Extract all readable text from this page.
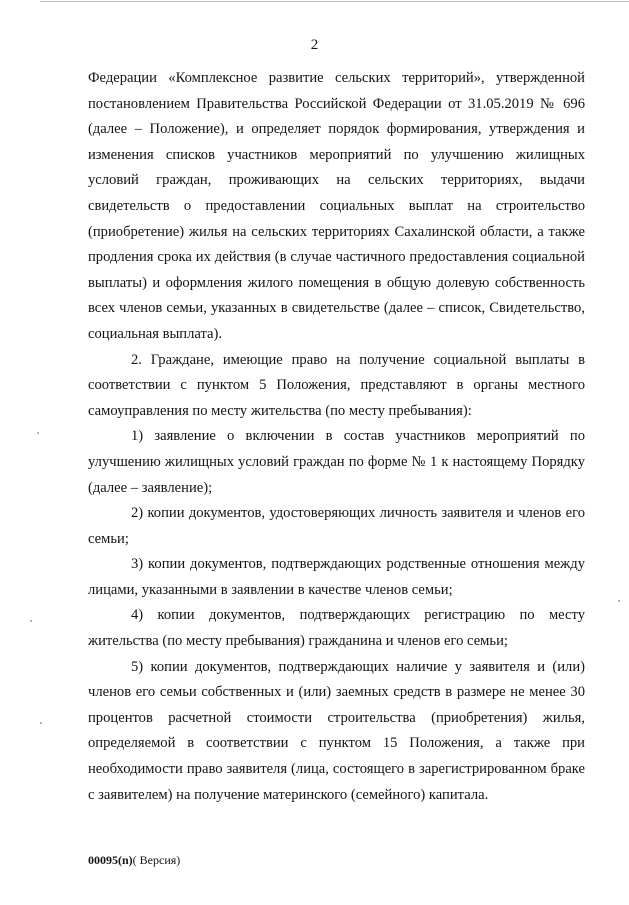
2

Федерации «Комплексное развитие сельских территорий», утвержденной постановлением Правительства Российской Федерации от 31.05.2019 № 696 (далее – Положение), и определяет порядок формирования, утверждения и изменения списков участников мероприятий по улучшению жилищных условий граждан, проживающих на сельских территориях, выдачи свидетельств о предоставлении социальных выплат на строительство (приобретение) жилья на сельских территориях Сахалинской области, а также продления срока их действия (в случае частичного предоставления социальной выплаты) и оформления жилого помещения в общую долевую собственность всех членов семьи, указанных в свидетельстве (далее – список, Свидетельство, социальная выплата).

2. Граждане, имеющие право на получение социальной выплаты в соответствии с пунктом 5 Положения, представляют в органы местного самоуправления по месту жительства (по месту пребывания):

1) заявление о включении в состав участников мероприятий по улучшению жилищных условий граждан по форме № 1 к настоящему Порядку (далее – заявление);

2) копии документов, удостоверяющих личность заявителя и членов его семьи;

3) копии документов, подтверждающих родственные отношения между лицами, указанными в заявлении в качестве членов семьи;

4) копии документов, подтверждающих регистрацию по месту жительства (по месту пребывания) гражданина и членов его семьи;

5) копии документов, подтверждающих наличие у заявителя и (или) членов его семьи собственных и (или) заемных средств в размере не менее 30 процентов расчетной стоимости строительства (приобретения) жилья, определяемой в соответствии с пунктом 15 Положения, а также при необходимости право заявителя (лица, состоящего в зарегистрированном браке с заявителем) на получение материнского (семейного) капитала.

00095(n)( Версия)
